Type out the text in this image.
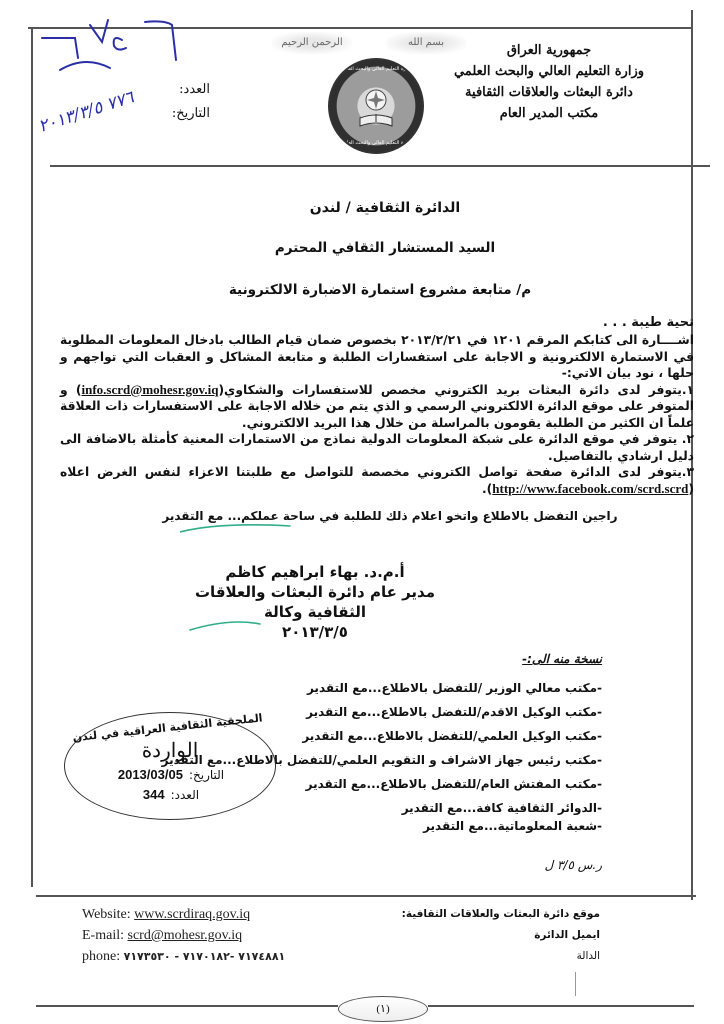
جمهورية العراق
وزارة التعليم العالي والبحث العلمي
دائرة البعثات والعلاقات الثقافية
مكتب المدير العام
العدد:
التاريخ:
الرحمن الرحيم	بسم الله
وزارة التعليم العالي والبحث العلمي
وزارة التعليم العالي والبحث العلمي
٧٧٦ ٢٠١٣/٣/٥
الدائرة الثقافية / لندن
السيد المستشار الثقافي المحترم
م/ متابعة مشروع استمارة الاضبارة الالكترونية
تحية طيبة . . .
اشــــارة الى كتابكم المرقم ١٢٠١ في ٢٠١٣/٢/٢١ بخصوص ضمان قيام الطالب بادخال المعلومات المطلوبة في الاستمارة الالكترونية و الاجابة على استفسارات الطلبة و متابعة المشاكل و العقبات التي تواجهم و حلها ، نود بيان الاتي:-
١.يتوفر لدى دائرة البعثات بريد الكتروني مخصص للاستفسارات والشكاوي(info.scrd@mohesr.gov.iq) و المتوفر على موقع الدائرة الالكتروني الرسمي و الذي يتم من خلاله الاجابة على الاستفسارات ذات العلاقة علماً ان الكثير من الطلبة يقومون بالمراسلة من خلال هذا البريد الالكتروني.
٢. يتوفر في موقع الدائرة على شبكة المعلومات الدولية نماذج من الاستمارات المعنية كأمثلة بالاضافة الى دليل ارشادي بالتفاصيل.
٣.يتوفر لدى الدائرة صفحة تواصل الكتروني مخصصة للتواصل مع طلبتنا الاعزاء لنفس الغرض اعلاه (http://www.facebook.com/scrd.scrd).
راجين التفضل بالاطلاع واتخو اعلام ذلك للطلبة في ساحة عملكم... مع التقدير
أ.م.د. بهاء ابراهيم كاظم
مدير عام دائرة البعثات والعلاقات الثقافية وكالة
٢٠١٣/٣/٥
نسخة منه الى:-
-مكتب معالي الوزير /للتفضل بالاطلاع...مع التقدير
-مكتب الوكيل الاقدم/للتفضل بالاطلاع...مع التقدير
-مكتب الوكيل العلمي/للتفضل بالاطلاع...مع التقدير
-مكتب رئيس جهاز الاشراف و التقويم العلمي/للتفضل بالاطلاع...مع التقدير
-مكتب المفتش العام/للتفضل بالاطلاع...مع التقدير
-الدوائر الثقافية كافة...مع التقدير
-شعبة المعلوماتية...مع التقدير
ر.س ٣/٥ ل
الملحقية الثقافية العراقية في لندن
الواردة
2013/03/05 التاريخ:
344 العدد:
Website: www.scrdiraq.gov.iq
E-mail: scrd@mohesr.gov.iq
phone: ٧١٧٤٨٨١ -٧١٧٠١٨٢ - ٧١٧٣٥٣٠
موقع دائرة البعثات والعلاقات الثقافية:
ايميل الدائرة
الدالة
(١)
